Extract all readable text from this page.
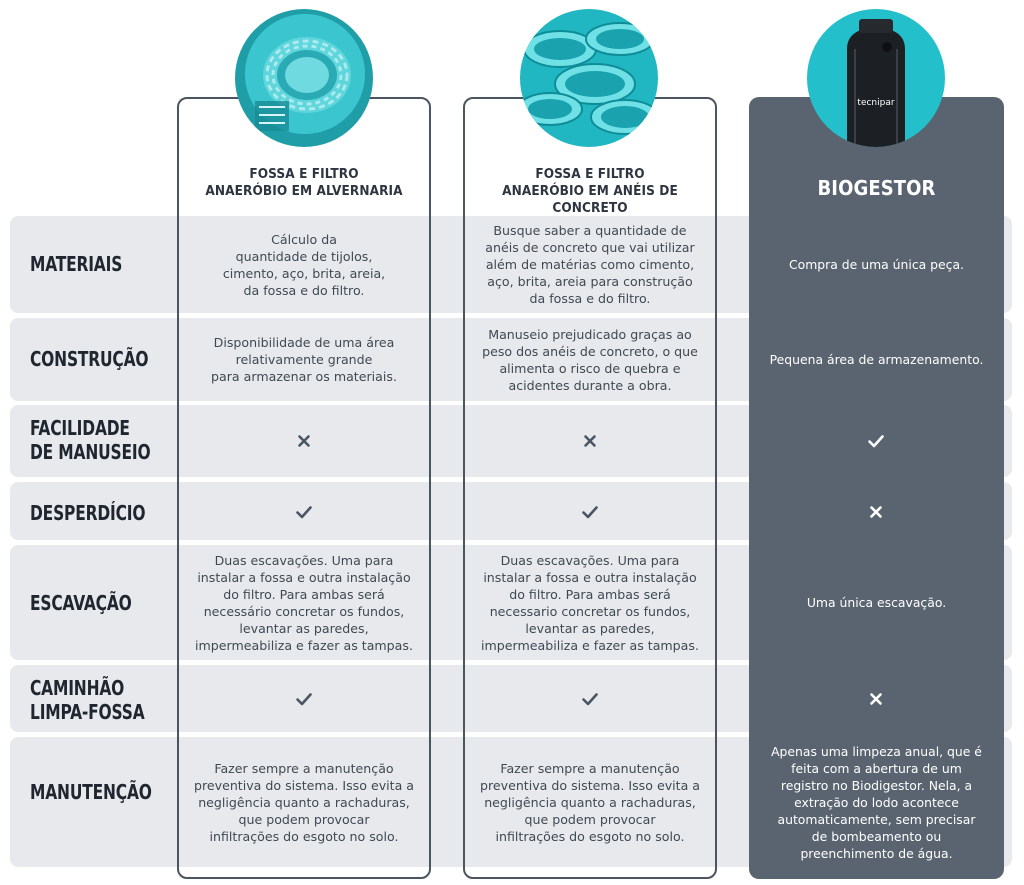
tecnipar
FOSSA E FILTRO
ANAERÓBIO EM ALVERNARIA
FOSSA E FILTRO
ANAERÓBIO EM ANÉIS DE CONCRETO
BIOGESTOR
MATERIAIS
CONSTRUÇÃO
FACILIDADE
DE MANUSEIO
DESPERDÍCIO
ESCAVAÇÃO
CAMINHÃO
LIMPA-FOSSA
MANUTENÇÃO
Cálculo da
quantidade de tijolos,
cimento, aço, brita, areia,
da fossa e do filtro.
Busque saber a quantidade de
anéis de concreto que vai utilizar
além de matérias como cimento,
aço, brita, areia para construção
da fossa e do filtro.
Compra de uma única peça.
Disponibilidade de uma área
relativamente grande
para armazenar os materiais.
Manuseio prejudicado graças ao
peso dos anéis de concreto, o que
alimenta o risco de quebra e
acidentes durante a obra.
Pequena área de armazenamento.
Duas escavações. Uma para
instalar a fossa e outra instalação
do filtro. Para ambas será
necessário concretar os fundos,
levantar as paredes,
impermeabiliza e fazer as tampas.
Duas escavações. Uma para
instalar a fossa e outra instalação
do filtro. Para ambas será
necessario concretar os fundos,
levantar as paredes,
impermeabiliza e fazer as tampas.
Uma única escavação.
Fazer sempre a manutenção
preventiva do sistema. Isso evita a
negligência quanto a rachaduras,
que podem provocar
infiltrações do esgoto no solo.
Fazer sempre a manutenção
preventiva do sistema. Isso evita a
negligência quanto a rachaduras,
que podem provocar
infiltrações do esgoto no solo.
Apenas uma limpeza anual, que é
feita com a abertura de um
registro no Biodigestor. Nela, a
extração do lodo acontece
automaticamente, sem precisar
de bombeamento ou
preenchimento de água.
